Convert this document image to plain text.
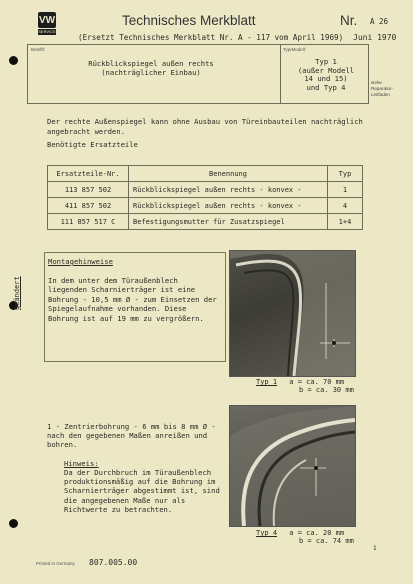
VW
SERVICE
Technisches Merkblatt	Nr. A 26
(Ersetzt Technisches Merkblatt Nr. A - 117 vom April 1969) Juni 1970
Betrifft:
Rückblickspiegel außen rechts
(nachträglicher Einbau)
Typ/Modell:
Typ 1
(außer Modell
14 und 15)
und Typ 4
siehe
Reparatur-
Leitfaden
Der rechte Außenspiegel kann ohne Ausbau von Türeinbauteilen nachträglich angebracht werden.
Benötigte Ersatzteile
Ersatzteile-Nr.	Benennung	Typ
113 857 502	Rückblickspiegel außen rechts - konvex -	1
411 857 502	Rückblickspiegel außen rechts - konvex -	4
111 857 517 C	Befestigungsmutter für Zusatzspiegel	1+4
Montagehinweise
In dem unter dem Türaußenblech liegenden Scharnierträger ist eine Bohrung - 10,5 mm Ø - zum Einsetzen der Spiegelaufnahme vorhanden. Diese Bohrung ist auf 19 mm zu vergrößern.
geändert
Typ 1 a = ca. 70 mm
b = ca. 30 mm
1 - Zentrierbohrung - 6 mm bis 8 mm Ø - nach den gegebenen Maßen anreißen und bohren.
Hinweis:
Da der Durchbruch im Türaußenblech produktionsmäßig auf die Bohrung im Scharnierträger abgestimmt ist, sind die angegebenen Maße nur als Richtwerte zu betrachten.
Typ 4 a = ca. 20 mm
b = ca. 74 mm
Printed in Germany 807.005.00
1
